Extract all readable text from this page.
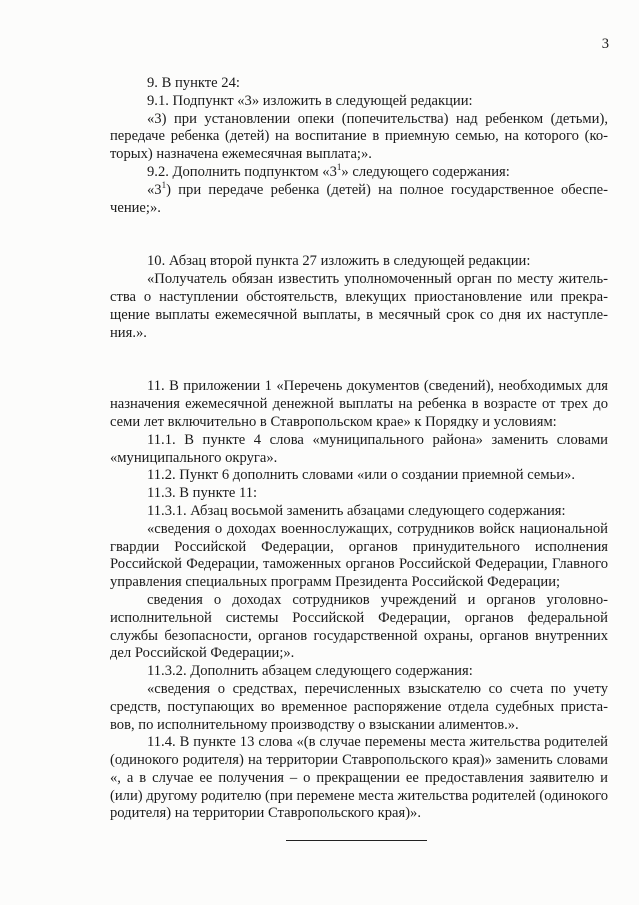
3

9. В пункте 24:

9.1. Подпункт «3» изложить в следующей редакции:

«3) при установлении опеки (попечительства) над ребенком (детьми), передаче ребенка (детей) на воспитание в приемную семью, на которого (которых) назначена ежемесячная выплата;».

9.2. Дополнить подпунктом «$3^1$» следующего содержания:

«$3^1$) при передаче ребенка (детей) на полное государственное обеспечение;».

10. Абзац второй пункта 27 изложить в следующей редакции:

«Получатель обязан известить уполномоченный орган по месту жительства о наступлении обстоятельств, влекущих приостановление или прекращение выплаты ежемесячной выплаты, в месячный срок со дня их наступления.».

11. В приложении 1 «Перечень документов (сведений), необходимых для назначения ежемесячной денежной выплаты на ребенка в возрасте от трех до семи лет включительно в Ставропольском крае» к Порядку и условиям:

11.1. В пункте 4 слова «муниципального района» заменить словами «муниципального округа».

11.2. Пункт 6 дополнить словами «или о создании приемной семьи».

11.3. В пункте 11:

11.3.1. Абзац восьмой заменить абзацами следующего содержания:

«сведения о доходах военнослужащих, сотрудников войск национальной гвардии Российской Федерации, органов принудительного исполнения Российской Федерации, таможенных органов Российской Федерации, Главного управления специальных программ Президента Российской Федерации;

сведения о доходах сотрудников учреждений и органов уголовно-исполнительной системы Российской Федерации, органов федеральной службы безопасности, органов государственной охраны, органов внутренних дел Российской Федерации;».

11.3.2. Дополнить абзацем следующего содержания:

«сведения о средствах, перечисленных взыскателю со счета по учету средств, поступающих во временное распоряжение отдела судебных приставов, по исполнительному производству о взыскании алиментов.».

11.4. В пункте 13 слова «(в случае перемены места жительства родителей (одинокого родителя) на территории Ставропольского края)» заменить словами «, а в случае ее получения – о прекращении ее предоставления заявителю и (или) другому родителю (при перемене места жительства родителей (одинокого родителя) на территории Ставропольского края)».
